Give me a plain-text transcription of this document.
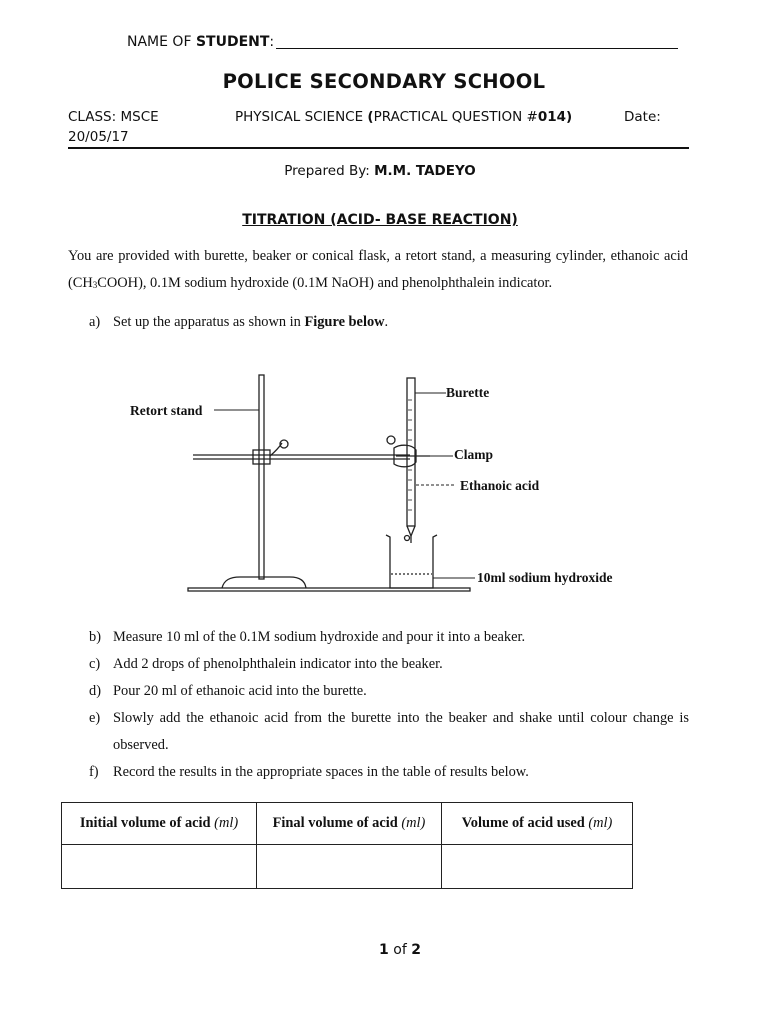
NAME OF STUDENT:
POLICE SECONDARY SCHOOL
CLASS: MSCE	PHYSICAL SCIENCE (PRACTICAL QUESTION #014)	Date:
20/05/17
Prepared By: M.M. TADEYO
TITRATION (ACID- BASE REACTION)
You are provided with burette, beaker or conical flask, a retort stand, a measuring cylinder, ethanoic acid $(CH_3COOH)$, 0.1M sodium hydroxide (0.1M NaOH) and phenolphthalein indicator.
a) Set up the apparatus as shown in Figure below.
Retort stand
Burette
Clamp
Ethanoic acid
10ml sodium hydroxide
b) Measure 10 ml of the 0.1M sodium hydroxide and pour it into a beaker.
c) Add 2 drops of phenolphthalein indicator into the beaker.
d) Pour 20 ml of ethanoic acid into the burette.
e) Slowly add the ethanoic acid from the burette into the beaker and shake until colour change is observed.
f) Record the results in the appropriate spaces in the table of results below.
Initial volume of acid (ml)	Final volume of acid (ml)	Volume of acid used (ml)

1 of 2
